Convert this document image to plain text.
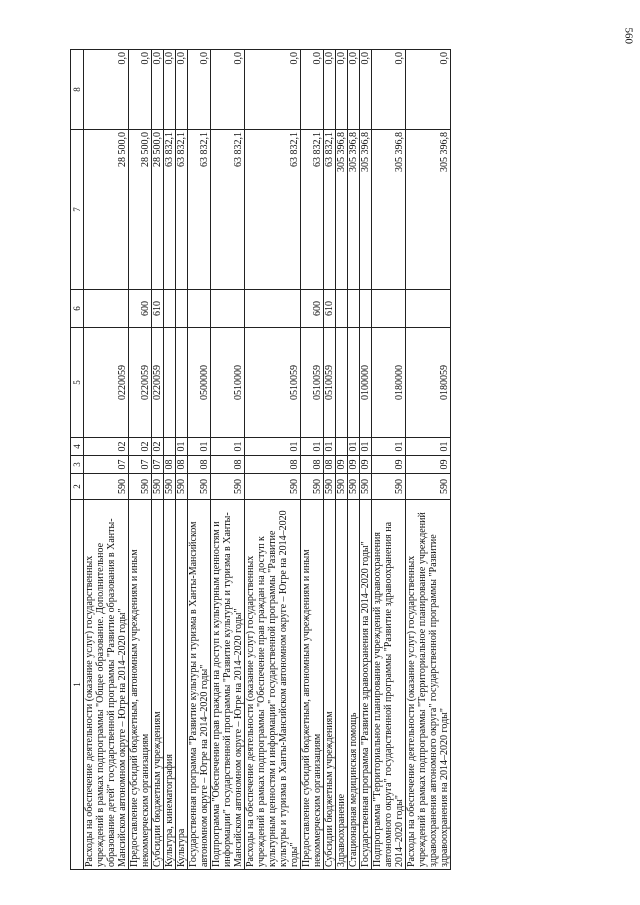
560
1	2	3	4	5	6	7	8
Расходы на обеспечение деятельности (оказание услуг) государственных учреждений в рамках подпрограммы "Общее образование. Дополнительное образование детей" государственной программы "Развитие образования в Ханты-Мансийском автономном округе – Югре на 2014–2020 годы"	590	07	02	0220059		28 500,0	0,0
Предоставление субсидий бюджетным, автономным учреждениям и иным некоммерческим организациям	590	07	02	0220059	600	28 500,0	0,0
Субсидии бюджетным учреждениям	590	07	02	0220059	610	28 500,0	0,0
Культура, кинематография	590	08				63 832,1	0,0
Культура	590	08	01			63 832,1	0,0
Государственная программа "Развитие культуры и туризма в Ханты-Мансийском автономном округе – Югре на 2014–2020 годы"	590	08	01	0500000		63 832,1	0,0
Подпрограмма "Обеспечение прав граждан на доступ к культурным ценностям и информации" государственной программы "Развитие культуры и туризма в Ханты-Мансийском автономном округе – Югре на 2014–2020 годы"	590	08	01	0510000		63 832,1	0,0
Расходы на обеспечение деятельности (оказание услуг) государственных учреждений в рамках подпрограммы "Обеспечение прав граждан на доступ к культурным ценностям и информации" государственной программы "Развитие культуры и туризма в Ханты-Мансийском автономном округе – Югре на 2014–2020 годы"	590	08	01	0510059		63 832,1	0,0
Предоставление субсидий бюджетным, автономным учреждениям и иным некоммерческим организациям	590	08	01	0510059	600	63 832,1	0,0
Субсидии бюджетным учреждениям	590	08	01	0510059	610	63 832,1	0,0
Здравоохранение	590	09				305 396,8	0,0
Стационарная медицинская помощь	590	09	01			305 396,8	0,0
Государственная программа "Развитие здравоохранения на 2014–2020 годы"	590	09	01	0100000		305 396,8	0,0
Подпрограмма "Территориальное планирование учреждений здравоохранения автономного округа" государственной программы "Развитие здравоохранения на 2014–2020 годы"	590	09	01	0180000		305 396,8	0,0
Расходы на обеспечение деятельности (оказание услуг) государственных учреждений в рамках подпрограммы "Территориальное планирование учреждений здравоохранения автономного округа" государственной программы "Развитие здравоохранения на 2014–2020 годы"	590	09	01	0180059		305 396,8	0,0
